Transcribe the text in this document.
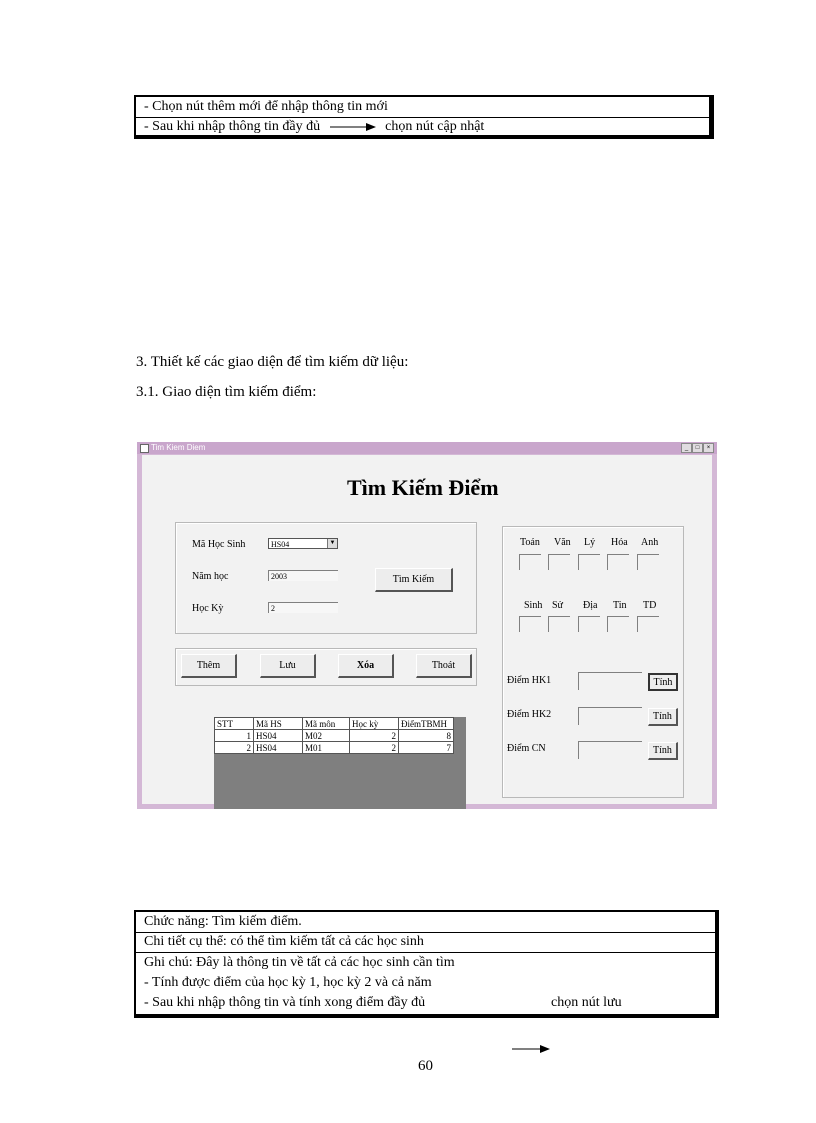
- Chọn nút thêm mới để nhập thông tin mới
- Sau khi nhập thông tin đầy đủ	chọn nút cập nhật
3. Thiết kế các giao diện để tìm kiếm dữ liệu:
3.1. Giao diện tìm kiếm điểm:
Tim Kiem Diem	_	□	×
Tìm Kiếm Điểm
Mã Học Sinh	HS04	▼
Năm học	2003
Học Kỳ	2
Tìm Kiếm
Thêm	Lưu	Xóa	Thoát
STT	Mã HS	Mã môn	Học kỳ	ĐiểmTBMH
1	HS04	M02	2	8
2	HS04	M01	2	7
Toán Văn Lý Hóa Anh
Sinh Sử Địa Tin TD
Điểm HK1	Tính
Điểm HK2	Tính
Điểm CN	Tính
Chức năng: Tìm kiếm điểm.
Chi tiết cụ thể: có thể tìm kiếm tất cả các học sinh
Ghi chú: Đây là thông tin về tất cả các học sinh cần tìm
- Tính được điểm của học kỳ 1, học kỳ 2 và cả năm
- Sau khi nhập thông tin và tính xong điểm đầy đủ	chọn nút lưu
60
